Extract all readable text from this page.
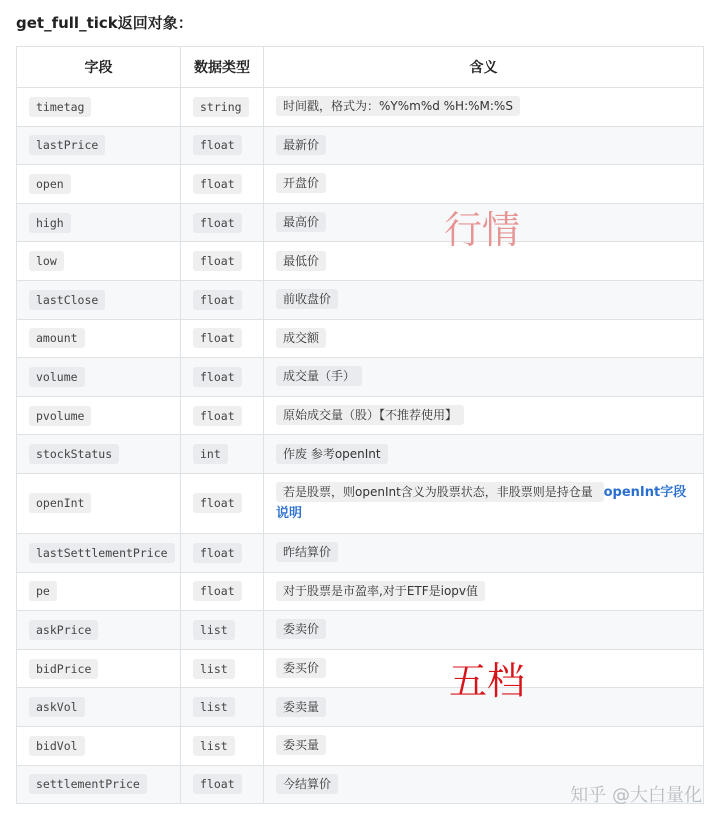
get_full_tick返回对象：
字段	数据类型	含义
timetag	string	时间戳，格式为：%Y%m%d %H:%M:%S
lastPrice	float	最新价
open	float	开盘价
high	float	最高价
low	float	最低价
lastClose	float	前收盘价
amount	float	成交额
volume	float	成交量（手）
pvolume	float	原始成交量（股）【不推荐使用】
stockStatus	int	作废 参考openInt
openInt	float	若是股票，则openInt含义为股票状态，非股票则是持仓量 openInt字段说明

lastSettlementPrice	float	昨结算价
pe	float	对于股票是市盈率,对于ETF是iopv值
askPrice	list	委卖价
bidPrice	list	委买价
askVol	list	委卖量
bidVol	list	委买量
settlementPrice	float	今结算价
行情
五档
知乎 @大白量化
